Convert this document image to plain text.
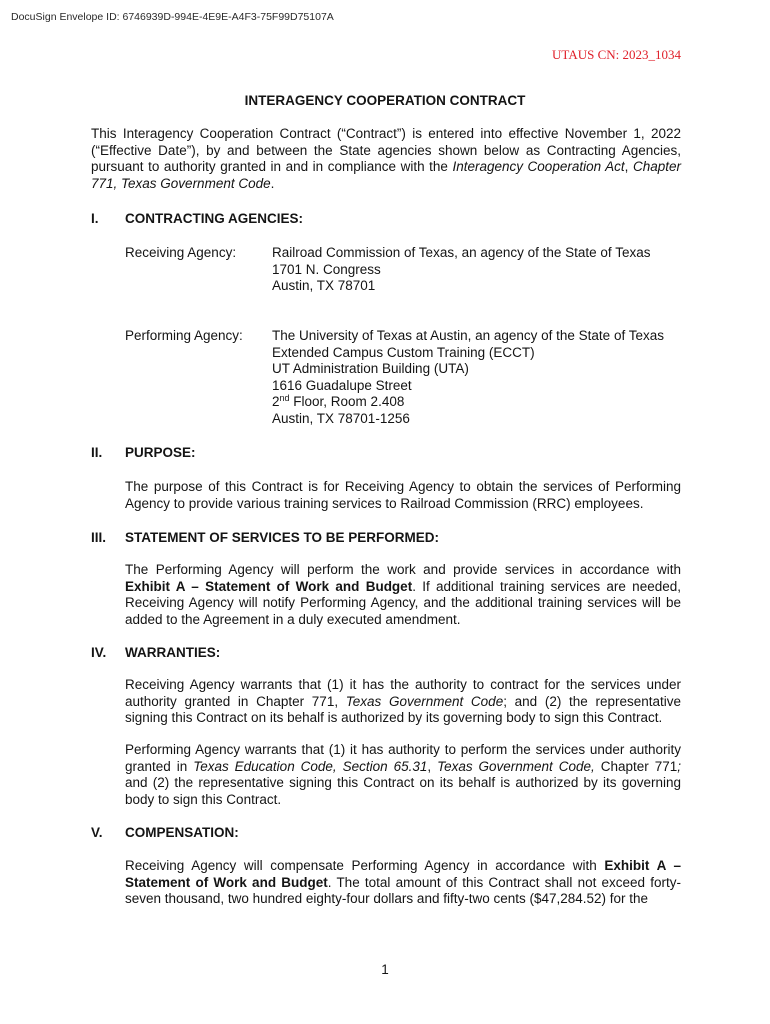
DocuSign Envelope ID: 6746939D-994E-4E9E-A4F3-75F99D75107A
UTAUS CN: 2023_1034
INTERAGENCY COOPERATION CONTRACT

This Interagency Cooperation Contract (“Contract”) is entered into effective November 1, 2022 (“Effective Date”), by and between the State agencies shown below as Contracting Agencies, pursuant to authority granted in and in compliance with the Interagency Cooperation Act, Chapter 771, Texas Government Code.

I. CONTRACTING AGENCIES:
Receiving Agency:	Railroad Commission of Texas, an agency of the State of Texas
1701 N. Congress
Austin, TX 78701
Performing Agency: The University of Texas at Austin, an agency of the State of Texas
Extended Campus Custom Training (ECCT)
UT Administration Building (UTA)
1616 Guadalupe Street
2nd Floor, Room 2.408
Austin, TX 78701-1256
II. PURPOSE:

The purpose of this Contract is for Receiving Agency to obtain the services of Performing Agency to provide various training services to Railroad Commission (RRC) employees.

III. STATEMENT OF SERVICES TO BE PERFORMED:

The Performing Agency will perform the work and provide services in accordance with Exhibit A – Statement of Work and Budget. If additional training services are needed, Receiving Agency will notify Performing Agency, and the additional training services will be added to the Agreement in a duly executed amendment.

IV. WARRANTIES:

Receiving Agency warrants that (1) it has the authority to contract for the services under authority granted in Chapter 771, Texas Government Code; and (2) the representative signing this Contract on its behalf is authorized by its governing body to sign this Contract.

Performing Agency warrants that (1) it has authority to perform the services under authority granted in Texas Education Code, Section 65.31, Texas Government Code, Chapter 771; and (2) the representative signing this Contract on its behalf is authorized by its governing body to sign this Contract.

V. COMPENSATION:

Receiving Agency will compensate Performing Agency in accordance with Exhibit A – Statement of Work and Budget. The total amount of this Contract shall not exceed forty-seven thousand, two hundred eighty-four dollars and fifty-two cents ($47,284.52) for the

1
